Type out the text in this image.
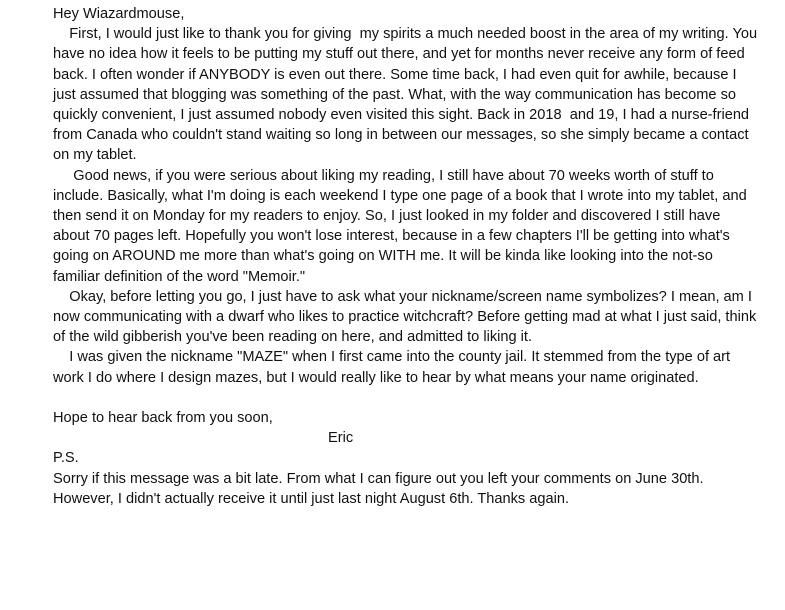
Hey Wiazardmouse,

First, I would just like to thank you for giving  my spirits a much needed boost in the area of my writing. You have no idea how it feels to be putting my stuff out there, and yet for months never receive any form of feed back. I often wonder if ANYBODY is even out there. Some time back, I had even quit for awhile, because I just assumed that blogging was something of the past. What, with the way communication has become so quickly convenient, I just assumed nobody even visited this sight. Back in 2018  and 19, I had a nurse-friend from Canada who couldn't stand waiting so long in between our messages, so she simply became a contact on my tablet.

Good news, if you were serious about liking my reading, I still have about 70 weeks worth of stuff to include. Basically, what I'm doing is each weekend I type one page of a book that I wrote into my tablet, and then send it on Monday for my readers to enjoy. So, I just looked in my folder and discovered I still have about 70 pages left. Hopefully you won't lose interest, because in a few chapters I'll be getting into what's going on AROUND me more than what's going on WITH me. It will be kinda like looking into the not-so familiar definition of the word "Memoir."

Okay, before letting you go, I just have to ask what your nickname/screen name symbolizes? I mean, am I now communicating with a dwarf who likes to practice witchcraft? Before getting mad at what I just said, think of the wild gibberish you've been reading on here, and admitted to liking it.

I was given the nickname "MAZE" when I first came into the county jail. It stemmed from the type of art work I do where I design mazes, but I would really like to hear by what means your name originated.

Hope to hear back from you soon,

Eric

P.S.

Sorry if this message was a bit late. From what I can figure out you left your comments on June 30th. However, I didn't actually receive it until just last night August 6th. Thanks again.
